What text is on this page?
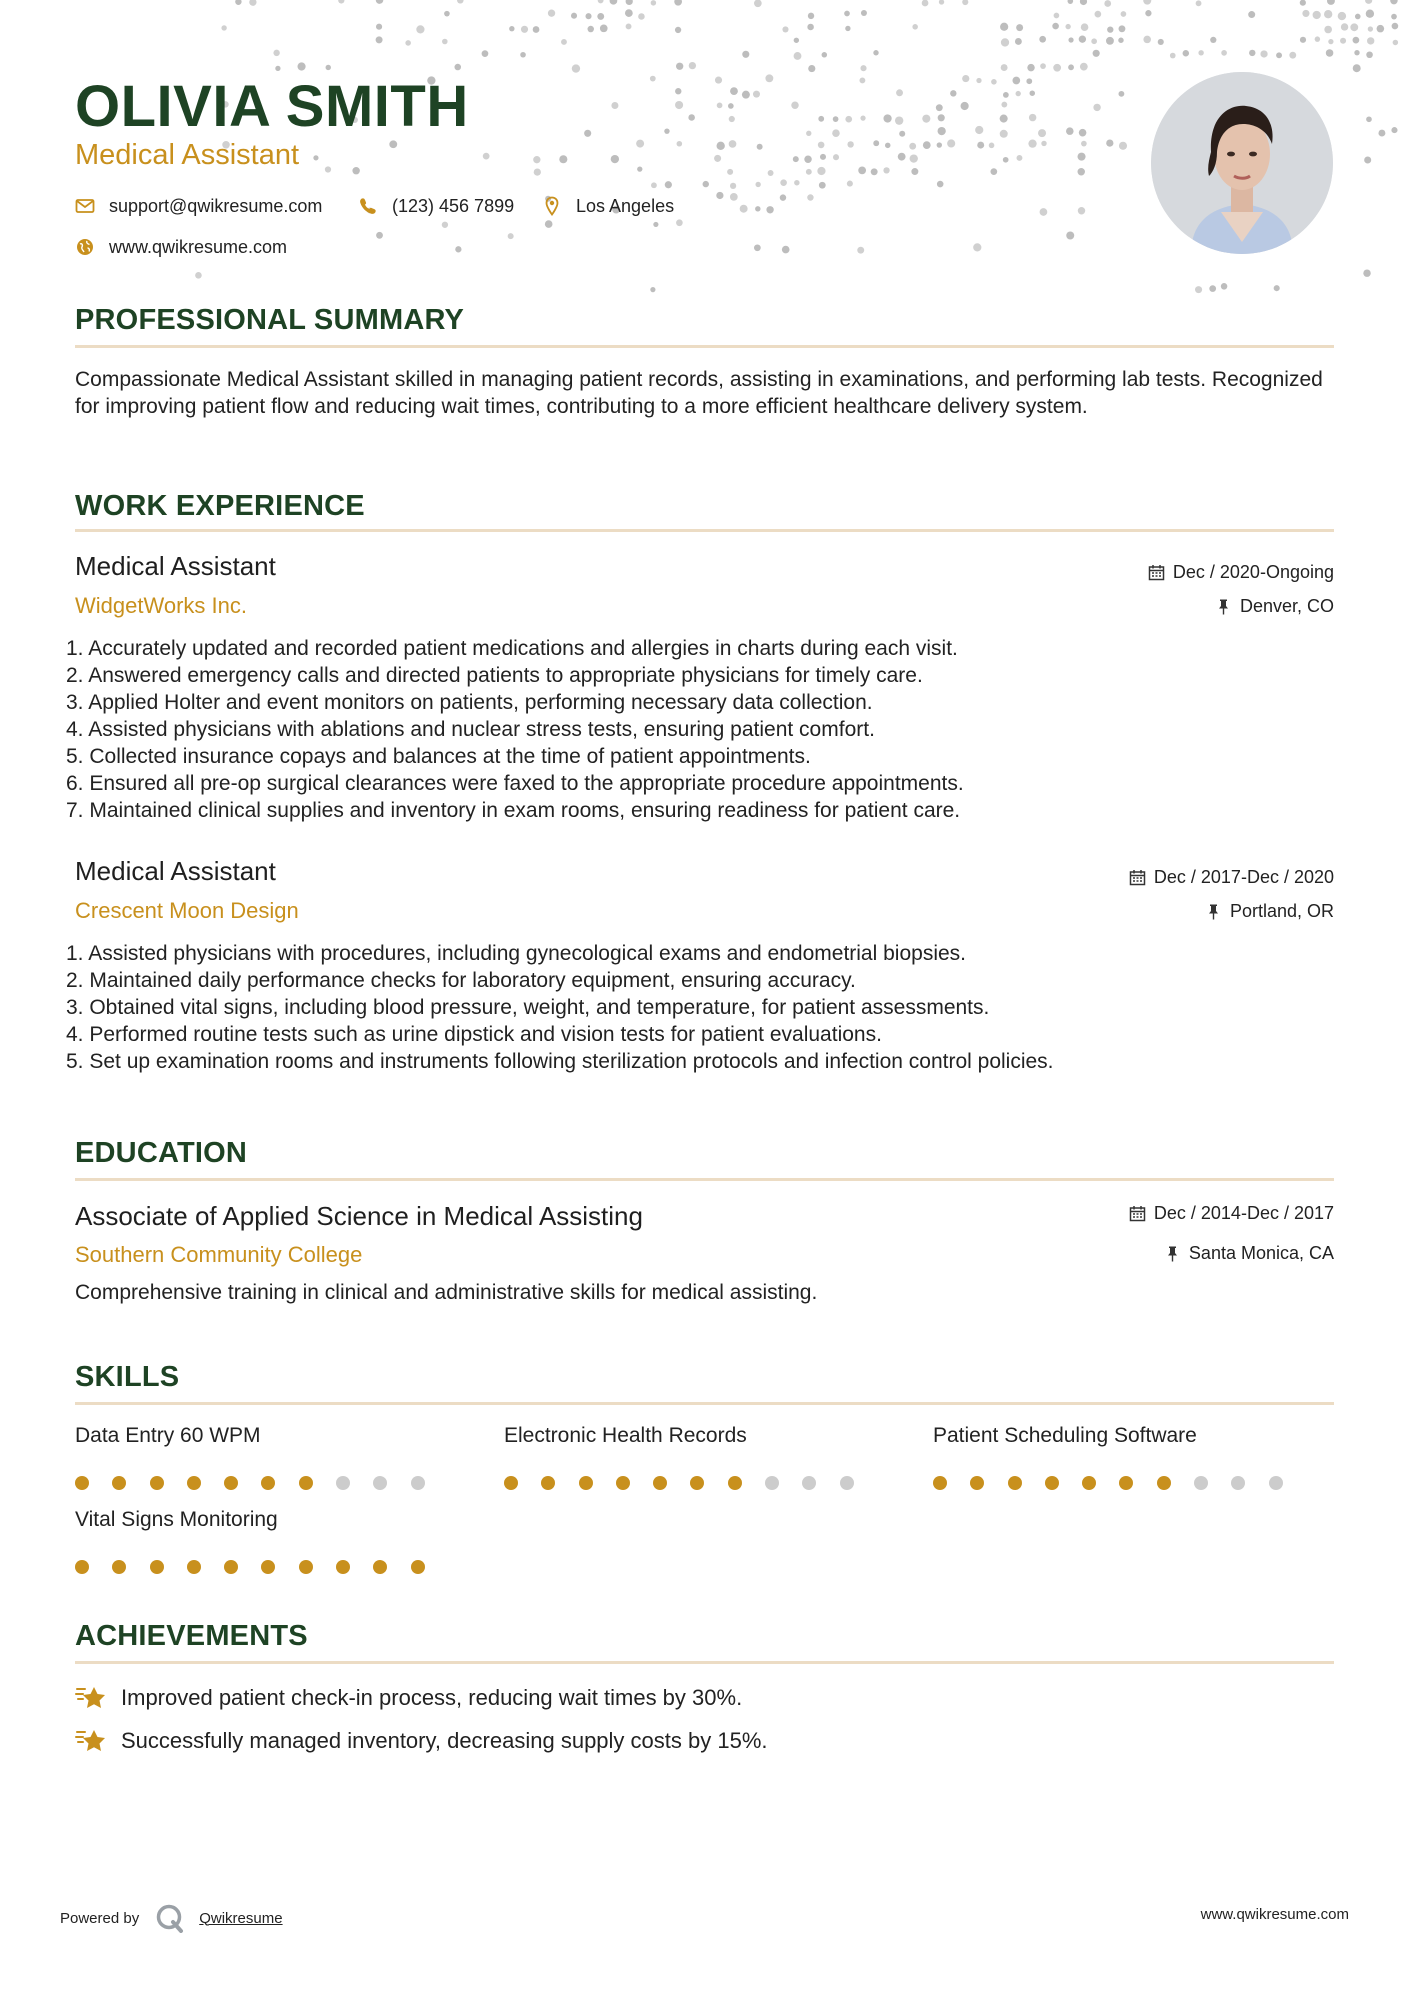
OLIVIA SMITH
Medical Assistant
support@qwikresume.com	(123) 456 7899	Los Angeles
www.qwikresume.com
PROFESSIONAL SUMMARY

Compassionate Medical Assistant skilled in managing patient records, assisting in examinations, and performing lab tests. Recognized for improving patient flow and reducing wait times, contributing to a more efficient healthcare delivery system.

WORK EXPERIENCE
Medical Assistant
WidgetWorks Inc.
Dec / 2020-Ongoing
Denver, CO
1. Accurately updated and recorded patient medications and allergies in charts during each visit.
2. Answered emergency calls and directed patients to appropriate physicians for timely care.
3. Applied Holter and event monitors on patients, performing necessary data collection.
4. Assisted physicians with ablations and nuclear stress tests, ensuring patient comfort.
5. Collected insurance copays and balances at the time of patient appointments.
6. Ensured all pre-op surgical clearances were faxed to the appropriate procedure appointments.
7. Maintained clinical supplies and inventory in exam rooms, ensuring readiness for patient care.
Medical Assistant
Crescent Moon Design
Dec / 2017-Dec / 2020
Portland, OR
1. Assisted physicians with procedures, including gynecological exams and endometrial biopsies.
2. Maintained daily performance checks for laboratory equipment, ensuring accuracy.
3. Obtained vital signs, including blood pressure, weight, and temperature, for patient assessments.
4. Performed routine tests such as urine dipstick and vision tests for patient evaluations.
5. Set up examination rooms and instruments following sterilization protocols and infection control policies.
EDUCATION
Associate of Applied Science in Medical Assisting
Southern Community College
Dec / 2014-Dec / 2017
Santa Monica, CA
Comprehensive training in clinical and administrative skills for medical assisting.
SKILLS
Data Entry 60 WPM	Electronic Health Records	Patient Scheduling Software
Vital Signs Monitoring
ACHIEVEMENTS
Improved patient check-in process, reducing wait times by 30%.
Successfully managed inventory, decreasing supply costs by 15%.
Powered by	Qwikresume	www.qwikresume.com
